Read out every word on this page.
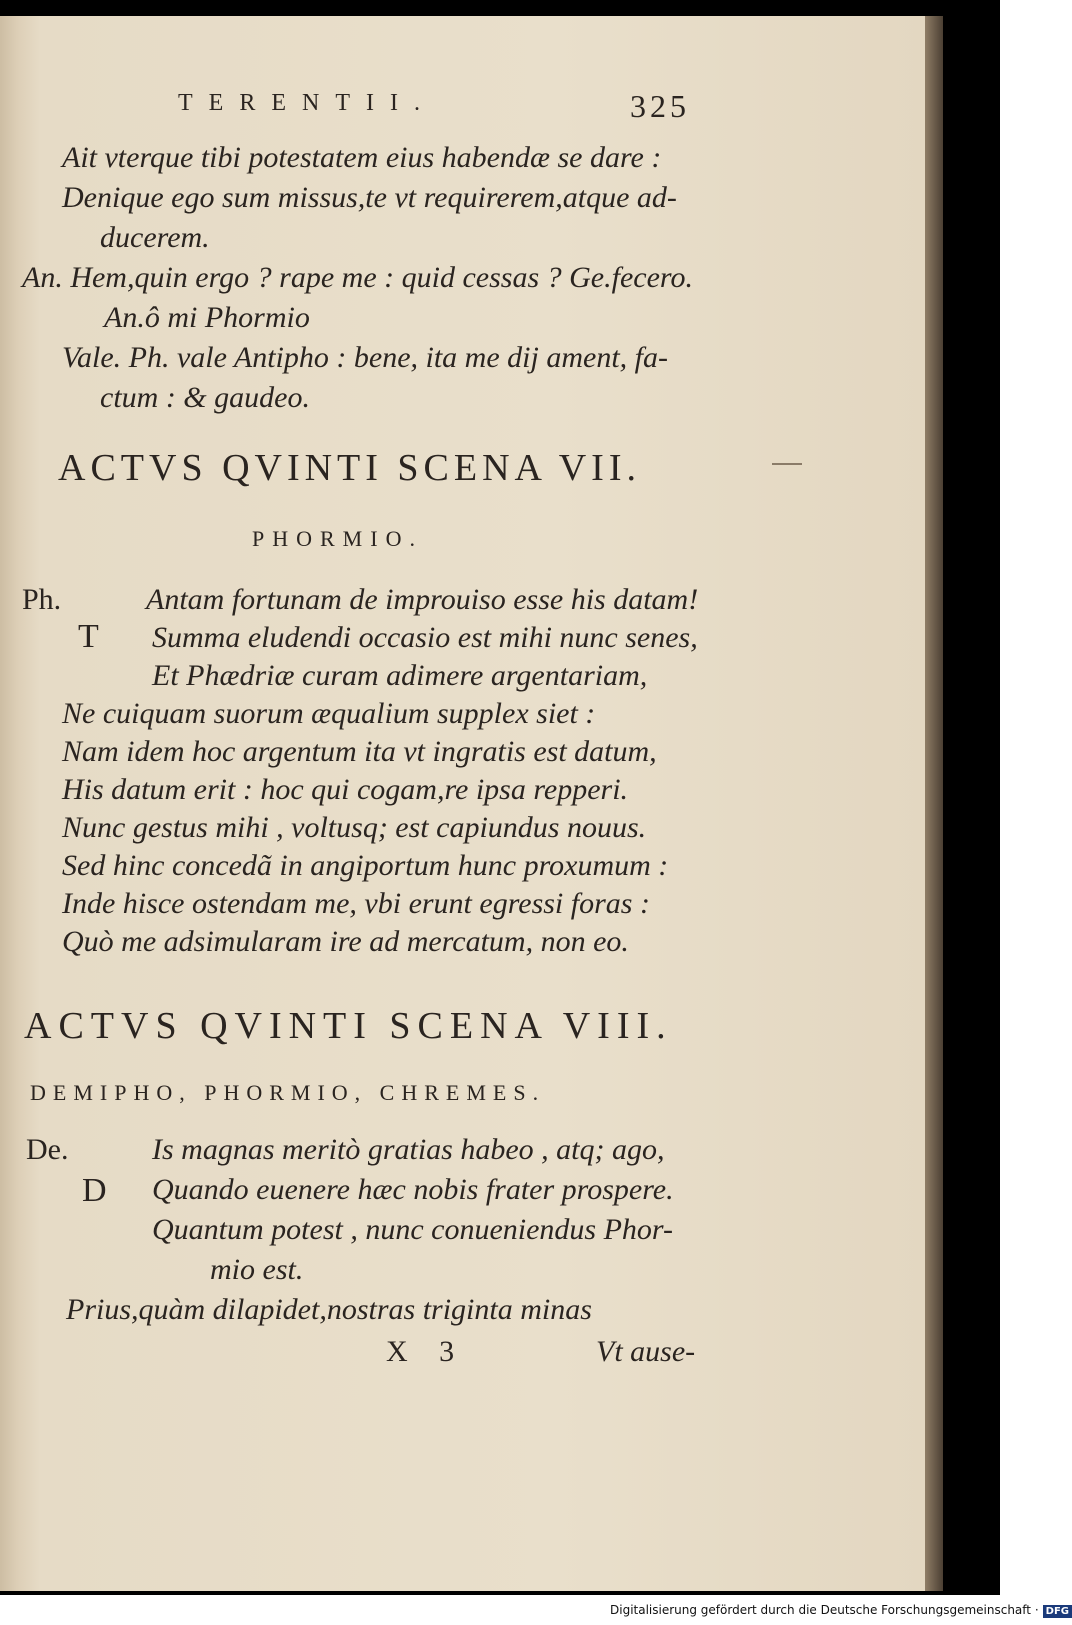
TERENTII.	325
Ait vterque tibi potestatem eius habendæ se dare :
Denique ego sum missus,te vt requirerem,atque ad-
ducerem.
An. Hem,quin ergo ? rape me : quid cessas ? Ge.fecero.
An.ô mi Phormio
Vale. Ph. vale Antipho : bene, ita me dij ament, fa-
ctum : & gaudeo.
ACTVS QVINTI SCENA VII.
PHORMIO.
Ph.
T
Antam fortunam de improuiso esse his datam!
Summa eludendi occasio est mihi nunc senes,
Et Phædriæ curam adimere argentariam,
Ne cuiquam suorum æqualium supplex siet :
Nam idem hoc argentum ita vt ingratis est datum,
His datum erit : hoc qui cogam,re ipsa repperi.
Nunc gestus mihi , voltusq; est capiundus nouus.
Sed hinc concedã in angiportum hunc proxumum :
Inde hisce ostendam me, vbi erunt egressi foras :
Quò me adsimularam ire ad mercatum, non eo.
ACTVS QVINTI SCENA VIII.
DEMIPHO, PHORMIO, CHREMES.
De.
D
Is magnas meritò gratias habeo , atq; ago,
Quando euenere hæc nobis frater prospere.
Quantum potest , nunc conueniendus Phor-
mio est.
Prius,quàm dilapidet,nostras triginta minas
X 3	Vt ause-
Digitalisierung gefördert durch die Deutsche Forschungsgemeinschaft · DFG
